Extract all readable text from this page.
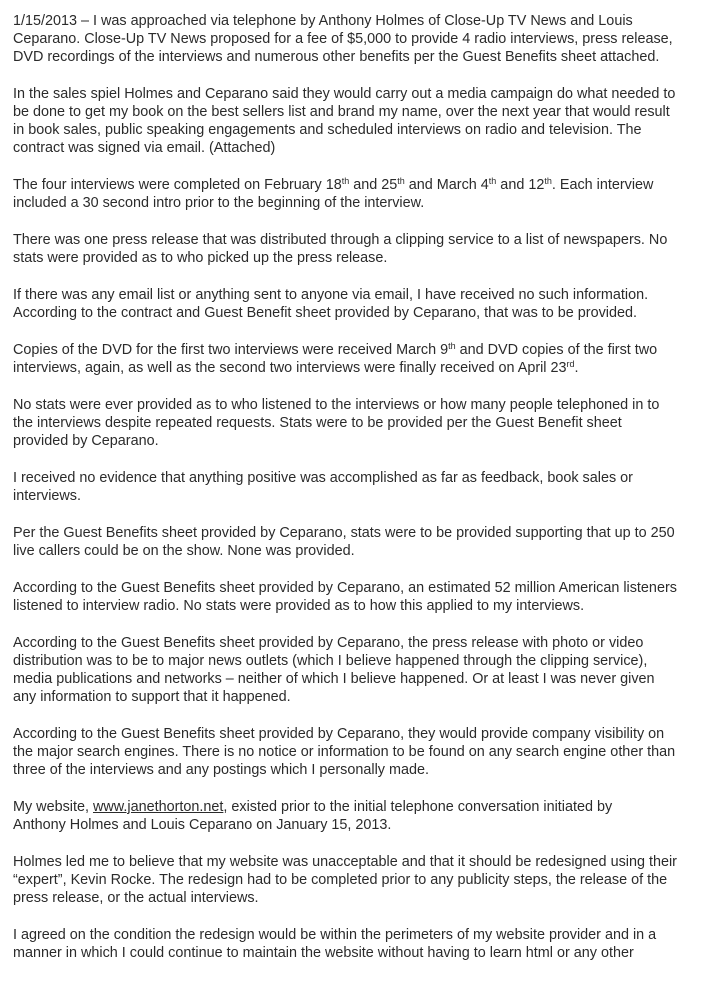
1/15/2013 – I was approached via telephone by Anthony Holmes of Close-Up TV News and Louis
Ceparano. Close-Up TV News proposed for a fee of $5,000 to provide 4 radio interviews, press release,
DVD recordings of the interviews and numerous other benefits per the Guest Benefits sheet attached.

In the sales spiel Holmes and Ceparano said they would carry out a media campaign do what needed to
be done to get my book on the best sellers list and brand my name, over the next year that would result
in book sales, public speaking engagements and scheduled interviews on radio and television. The
contract was signed via email. (Attached)

The four interviews were completed on February 18th and 25th and March 4th and 12th. Each interview
included a 30 second intro prior to the beginning of the interview.

There was one press release that was distributed through a clipping service to a list of newspapers. No
stats were provided as to who picked up the press release.

If there was any email list or anything sent to anyone via email, I have received no such information.
According to the contract and Guest Benefit sheet provided by Ceparano, that was to be provided.

Copies of the DVD for the first two interviews were received March 9th and DVD copies of the first two
interviews, again, as well as the second two interviews were finally received on April 23rd.

No stats were ever provided as to who listened to the interviews or how many people telephoned in to
the interviews despite repeated requests. Stats were to be provided per the Guest Benefit sheet
provided by Ceparano.

I received no evidence that anything positive was accomplished as far as feedback, book sales or
interviews.

Per the Guest Benefits sheet provided by Ceparano, stats were to be provided supporting that up to 250
live callers could be on the show. None was provided.

According to the Guest Benefits sheet provided by Ceparano, an estimated 52 million American listeners
listened to interview radio. No stats were provided as to how this applied to my interviews.

According to the Guest Benefits sheet provided by Ceparano, the press release with photo or video
distribution was to be to major news outlets (which I believe happened through the clipping service),
media publications and networks – neither of which I believe happened. Or at least I was never given
any information to support that it happened.

According to the Guest Benefits sheet provided by Ceparano, they would provide company visibility on
the major search engines. There is no notice or information to be found on any search engine other than
three of the interviews and any postings which I personally made.

My website, www.janethorton.net, existed prior to the initial telephone conversation initiated by
Anthony Holmes and Louis Ceparano on January 15, 2013.

Holmes led me to believe that my website was unacceptable and that it should be redesigned using their
“expert”, Kevin Rocke. The redesign had to be completed prior to any publicity steps, the release of the
press release, or the actual interviews.

I agreed on the condition the redesign would be within the perimeters of my website provider and in a
manner in which I could continue to maintain the website without having to learn html or any other
